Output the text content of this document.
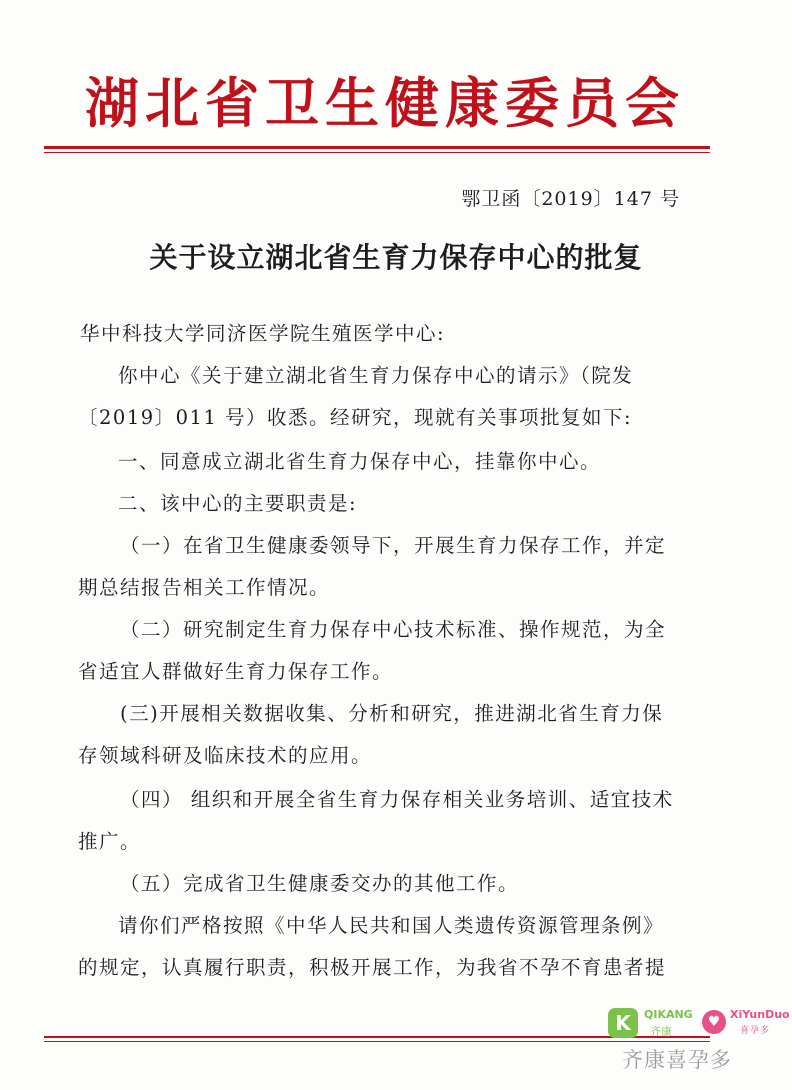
湖北省卫生健康委员会
鄂卫函〔2019〕147 号
关于设立湖北省生育力保存中心的批复
华中科技大学同济医学院生殖医学中心:
你中心《关于建立湖北省生育力保存中心的请示》（院发
〔2019〕011 号）收悉。经研究，现就有关事项批复如下:
一、同意成立湖北省生育力保存中心，挂靠你中心。
二、该中心的主要职责是:
（一）在省卫生健康委领导下，开展生育力保存工作，并定
期总结报告相关工作情况。
（二）研究制定生育力保存中心技术标准、操作规范，为全
省适宜人群做好生育力保存工作。
(三)开展相关数据收集、分析和研究，推进湖北省生育力保
存领域科研及临床技术的应用。
（四） 组织和开展全省生育力保存相关业务培训、适宜技术
推广。
（五）完成省卫生健康委交办的其他工作。
请你们严格按照《中华人民共和国人类遗传资源管理条例》
的规定，认真履行职责，积极开展工作，为我省不孕不育患者提
K	QIKANG
齐康
♥ XiYunDuo
喜孕多
齐康喜孕多
